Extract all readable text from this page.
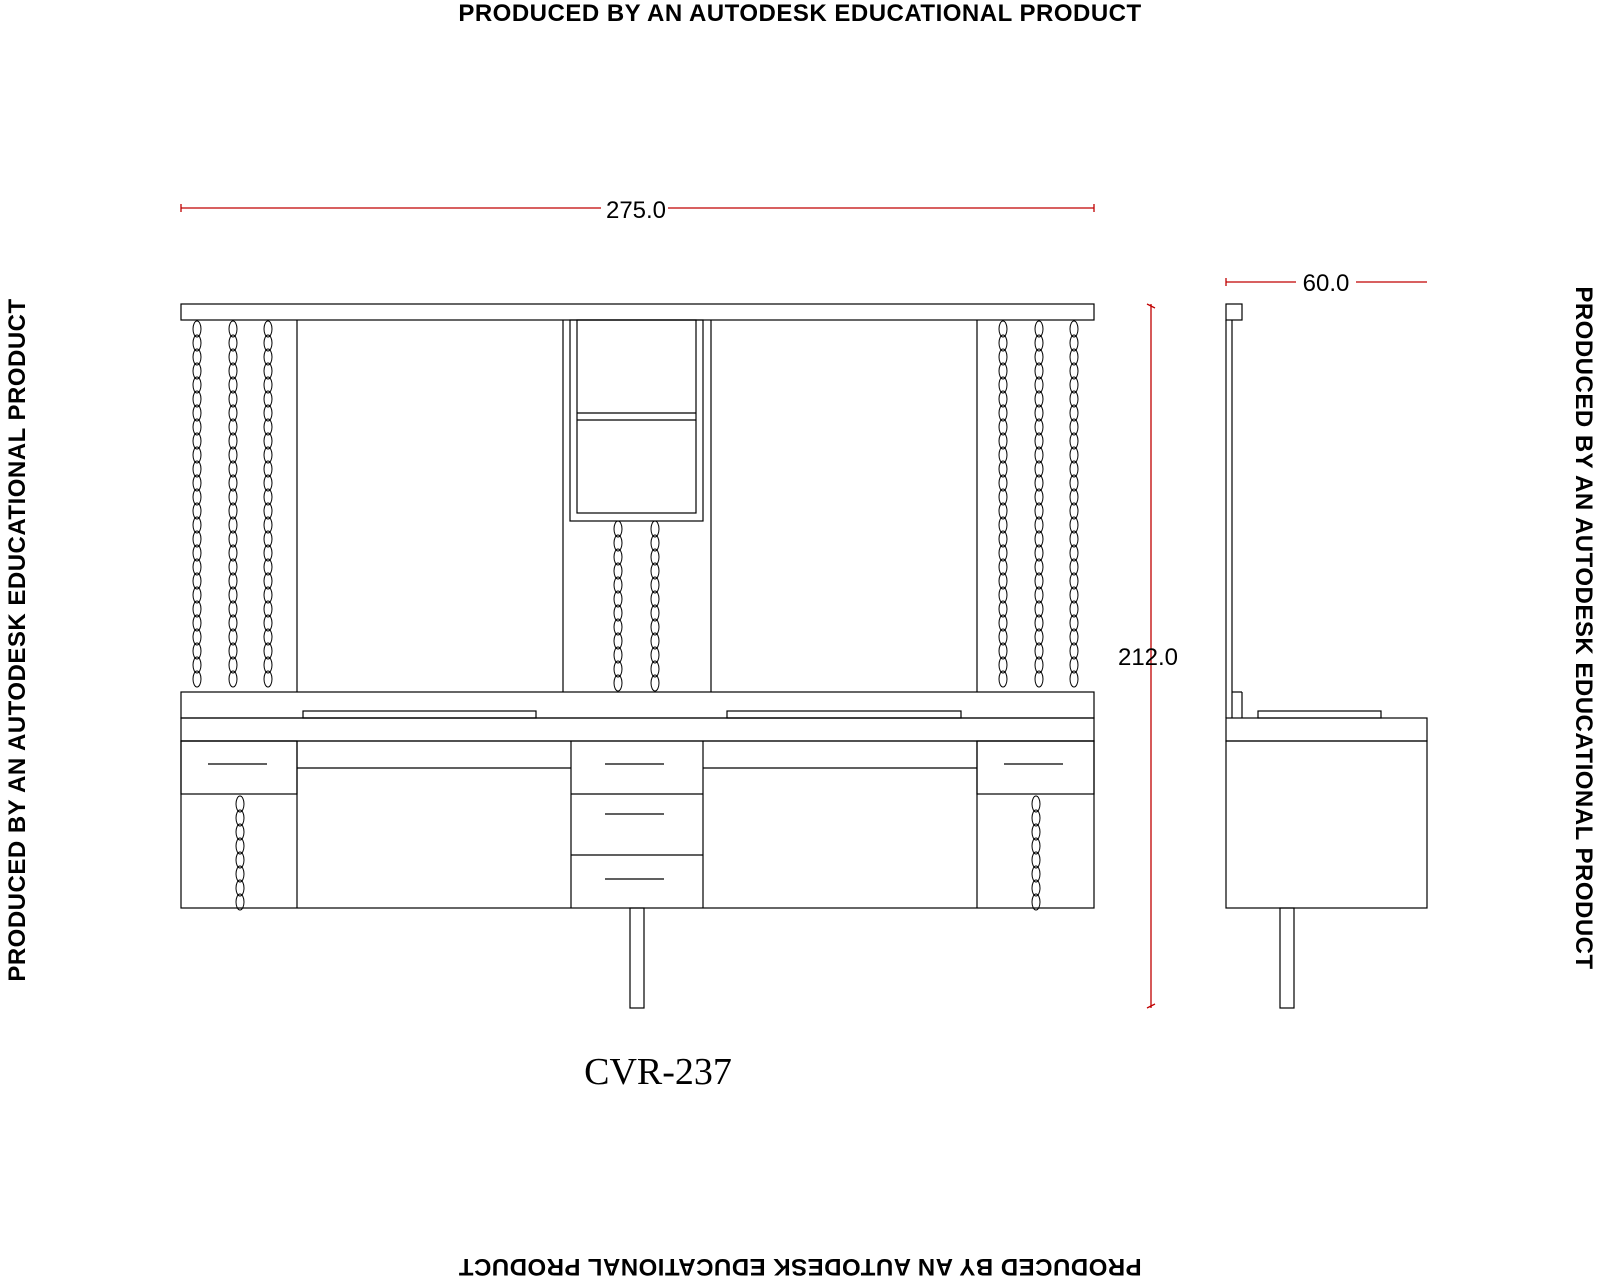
PRODUCED BY AN AUTODESK EDUCATIONAL PRODUCT
PRODUCED BY AN AUTODESK EDUCATIONAL PRODUCT
PRODUCED BY AN AUTODESK EDUCATIONAL PRODUCT	PRODUCED BY AN AUTODESK EDUCATIONAL PRODUCT
275.0
212.0
60.0
CVR-237
